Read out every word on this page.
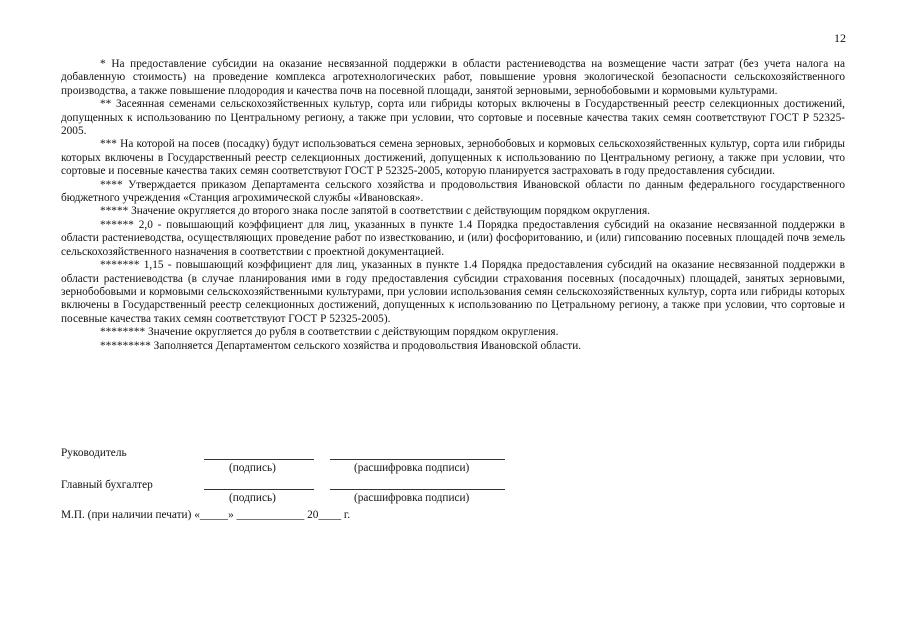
12

* На предоставление субсидии на оказание несвязанной поддержки в области растениеводства на возмещение части затрат (без учета налога на добавленную стоимость) на проведение комплекса агротехнологических работ, повышение уровня экологической безопасности сельскохозяйственного производства, а также повышение плодородия и качества почв на посевной площади, занятой зерновыми, зернобобовыми и кормовыми культурами.

** Засеянная семенами сельскохозяйственных культур, сорта или гибриды которых включены в Государственный реестр селекционных достижений, допущенных к использованию по Центральному региону, а также при условии, что сортовые и посевные качества таких семян соответствуют ГОСТ Р 52325-2005.

*** На которой на посев (посадку) будут использоваться семена зерновых, зернобобовых и кормовых сельскохозяйственных культур, сорта или гибриды которых включены в Государственный реестр селекционных достижений, допущенных к использованию по Центральному региону, а также при условии, что сортовые и посевные качества таких семян соответствуют ГОСТ Р 52325-2005, которую планируется застраховать в году предоставления субсидии.

**** Утверждается приказом Департамента сельского хозяйства и продовольствия Ивановской области по данным федерального государственного бюджетного учреждения «Станция агрохимической службы «Ивановская».

***** Значение округляется до второго знака после запятой в соответствии с действующим порядком округления.

****** 2,0 - повышающий коэффициент для лиц, указанных в пункте 1.4 Порядка предоставления субсидий на оказание несвязанной поддержки в области растениеводства, осуществляющих проведение работ по известкованию, и (или) фосфоритованию, и (или) гипсованию посевных площадей почв земель сельскохозяйственного назначения в соответствии с проектной документацией.

******* 1,15 - повышающий коэффициент для лиц, указанных в пункте 1.4 Порядка предоставления субсидий на оказание несвязанной поддержки в области растениеводства (в случае планирования ими в году предоставления субсидии страхования посевных (посадочных) площадей, занятых зерновыми, зернобобовыми и кормовыми сельскохозяйственными культурами, при условии использования семян сельскохозяйственных культур, сорта или гибриды которых включены в Государственный реестр селекционных достижений, допущенных к использованию по Цетральному региону, а также при условии, что сортовые и посевные качества таких семян соответствуют ГОСТ Р 52325-2005).

******** Значение округляется до рубля в соответствии с действующим порядком округления.

********* Заполняется Департаментом сельского хозяйства и продовольствия Ивановской области.

Руководитель
(подпись)	(расшифровка подписи)
Главный бухгалтер
(подпись)	(расшифровка подписи)
М.П. (при наличии печати) «_____» ____________ 20____ г.
